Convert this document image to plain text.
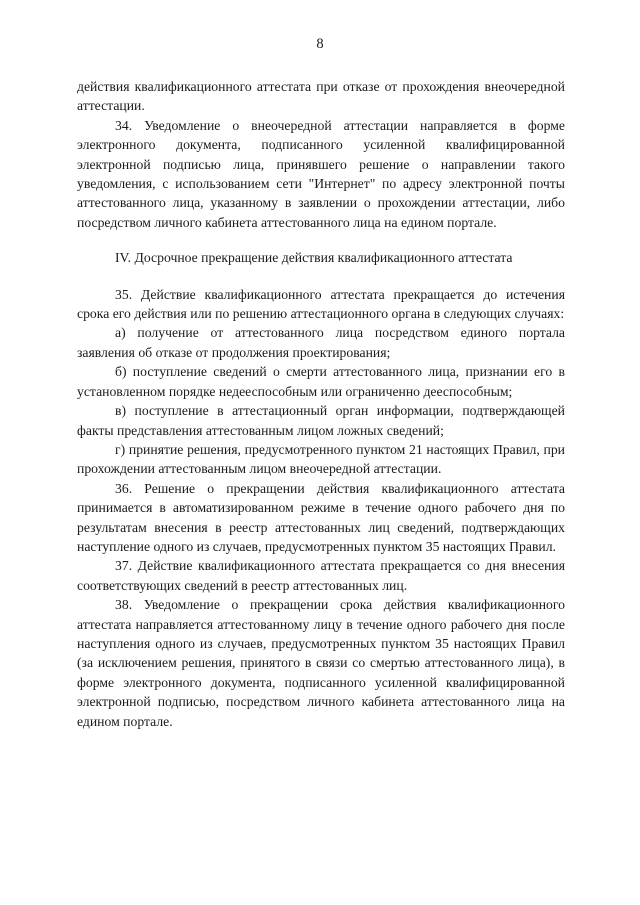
8

действия квалификационного аттестата при отказе от прохождения внеочередной аттестации.

34. Уведомление о внеочередной аттестации направляется в форме электронного документа, подписанного усиленной квалифицированной электронной подписью лица, принявшего решение о направлении такого уведомления, с использованием сети "Интернет" по адресу электронной почты аттестованного лица, указанному в заявлении о прохождении аттестации, либо посредством личного кабинета аттестованного лица на едином портале.

IV. Досрочное прекращение действия квалификационного аттестата

35. Действие квалификационного аттестата прекращается до истечения срока его действия или по решению аттестационного органа в следующих случаях:

а) получение от аттестованного лица посредством единого портала заявления об отказе от продолжения проектирования;

б) поступление сведений о смерти аттестованного лица, признании его в установленном порядке недееспособным или ограниченно дееспособным;

в) поступление в аттестационный орган информации, подтверждающей факты представления аттестованным лицом ложных сведений;

г) принятие решения, предусмотренного пунктом 21 настоящих Правил, при прохождении аттестованным лицом внеочередной аттестации.

36. Решение о прекращении действия квалификационного аттестата принимается в автоматизированном режиме в течение одного рабочего дня по результатам внесения в реестр аттестованных лиц сведений, подтверждающих наступление одного из случаев, предусмотренных пунктом 35 настоящих Правил.

37. Действие квалификационного аттестата прекращается со дня внесения соответствующих сведений в реестр аттестованных лиц.

38. Уведомление о прекращении срока действия квалификационного аттестата направляется аттестованному лицу в течение одного рабочего дня после наступления одного из случаев, предусмотренных пунктом 35 настоящих Правил (за исключением решения, принятого в связи со смертью аттестованного лица), в форме электронного документа, подписанного усиленной квалифицированной электронной подписью, посредством личного кабинета аттестованного лица на едином портале.
